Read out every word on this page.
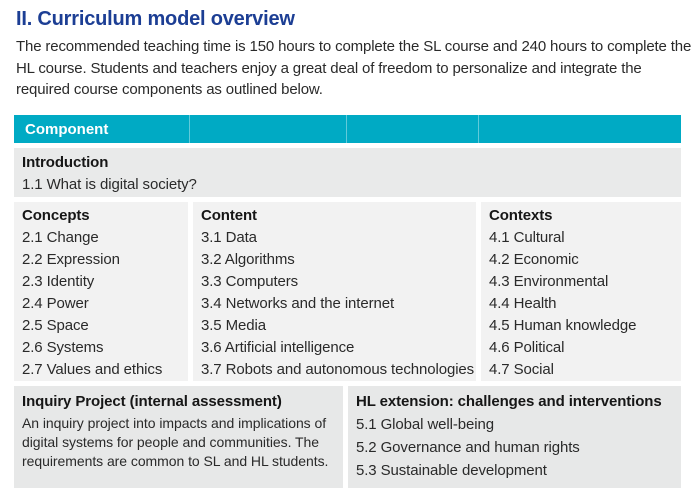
II. Curriculum model overview
The recommended teaching time is 150 hours to complete the SL course and 240 hours to complete the HL course. Students and teachers enjoy a great deal of freedom to personalize and integrate the required course components as outlined below.
Component
Introduction
1.1 What is digital society?
Concepts
2.1 Change
2.2 Expression
2.3 Identity
2.4 Power
2.5 Space
2.6 Systems
2.7 Values and ethics
Content
3.1 Data
3.2 Algorithms
3.3 Computers
3.4 Networks and the internet
3.5 Media
3.6 Artificial intelligence
3.7 Robots and autonomous technologies
Contexts
4.1 Cultural
4.2 Economic
4.3 Environmental
4.4 Health
4.5 Human knowledge
4.6 Political
4.7 Social
Inquiry Project (internal assessment)
An inquiry project into impacts and implications of digital systems for people and communities. The requirements are common to SL and HL students.
HL extension: challenges and interventions
5.1 Global well-being
5.2 Governance and human rights
5.3 Sustainable development
